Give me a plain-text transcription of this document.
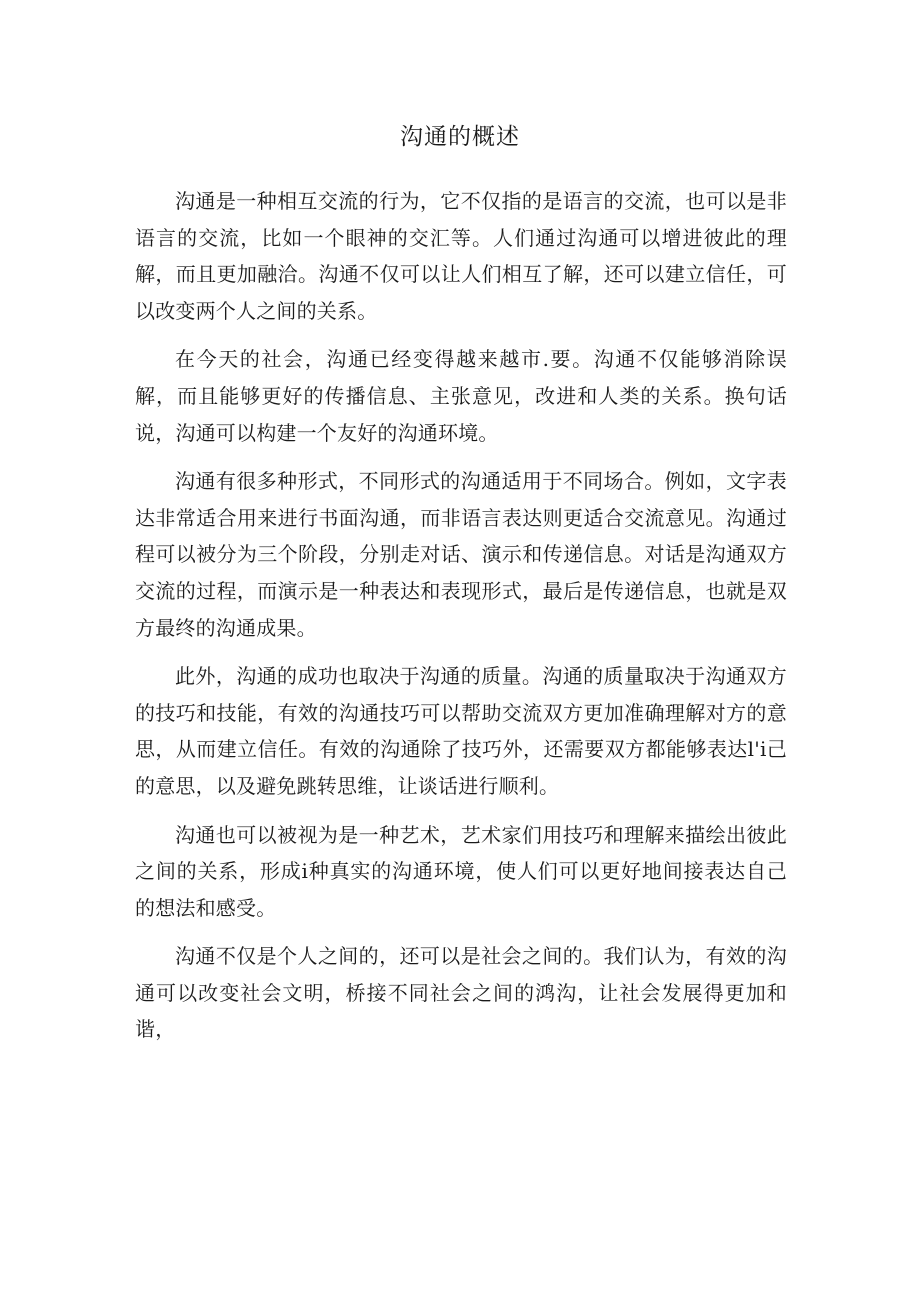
沟通的概述

沟通是一种相互交流的行为，它不仅指的是语言的交流，也可以是非语言的交流，比如一个眼神的交汇等。人们通过沟通可以增进彼此的理解，而且更加融洽。沟通不仅可以让人们相互了解，还可以建立信任，可以改变两个人之间的关系。

在今天的社会，沟通已经变得越来越市.要。沟通不仅能够消除误解，而且能够更好的传播信息、主张意见，改进和人类的关系。换句话说，沟通可以构建一个友好的沟通环境。

沟通有很多种形式，不同形式的沟通适用于不同场合。例如，文字表达非常适合用来进行书面沟通，而非语言表达则更适合交流意见。沟通过程可以被分为三个阶段，分别走对话、演示和传递信息。对话是沟通双方交流的过程，而演示是一种表达和表现形式，最后是传递信息，也就是双方最终的沟通成果。

此外，沟通的成功也取决于沟通的质量。沟通的质量取决于沟通双方的技巧和技能，有效的沟通技巧可以帮助交流双方更加准确理解对方的意思，从而建立信任。有效的沟通除了技巧外，还需要双方都能够表达l'i己的意思，以及避免跳转思维，让谈话进行顺利。

沟通也可以被视为是一种艺术，艺术家们用技巧和理解来描绘出彼此之间的关系，形成i种真实的沟通环境，使人们可以更好地间接表达自己的想法和感受。

沟通不仅是个人之间的，还可以是社会之间的。我们认为，有效的沟通可以改变社会文明，桥接不同社会之间的鸿沟，让社会发展得更加和谐，
